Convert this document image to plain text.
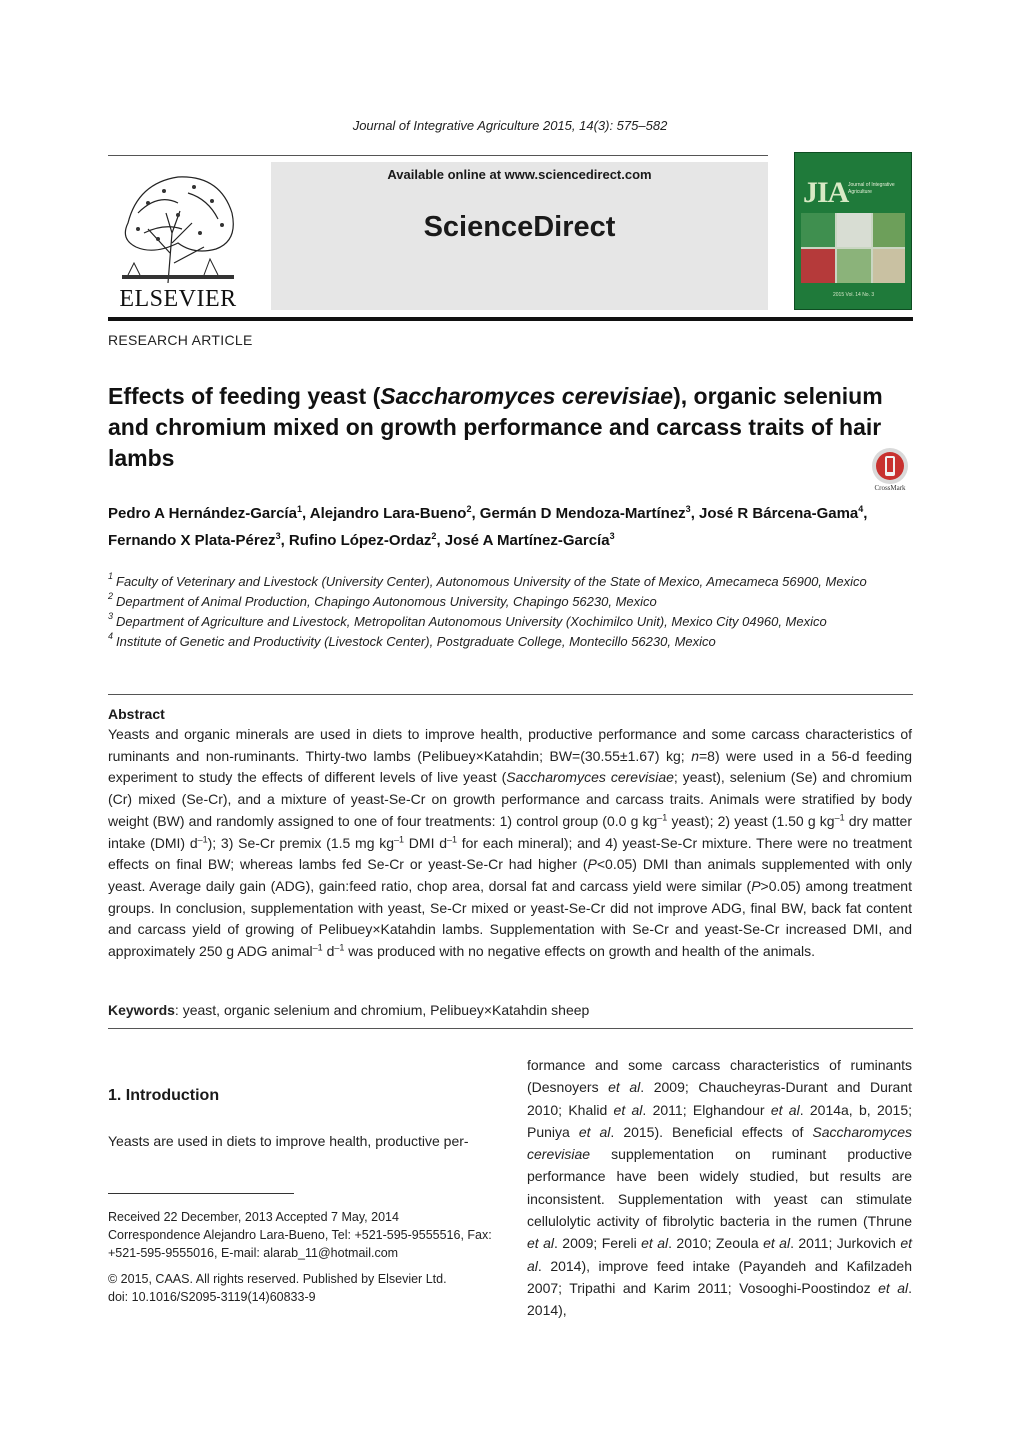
Journal of Integrative Agriculture 2015, 14(3): 575–582
ELSEVIER
Available online at www.sciencedirect.com
ScienceDirect
JIA Journal of Integrative Agriculture
2015 Vol. 14 No. 3
RESEARCH ARTICLE
Effects of feeding yeast (Saccharomyces cerevisiae), organic selenium and chromium mixed on growth performance and carcass traits of hair lambs
CrossMark
Pedro A Hernández-García$^1$, Alejandro Lara-Bueno$^2$, Germán D Mendoza-Martínez$^3$, José R Bárcena-Gama$^4$, Fernando X Plata-Pérez$^3$, Rufino López-Ordaz$^2$, José A Martínez-García$^3$
1 Faculty of Veterinary and Livestock (University Center), Autonomous University of the State of Mexico, Amecameca 56900, Mexico
2 Department of Animal Production, Chapingo Autonomous University, Chapingo 56230, Mexico
3 Department of Agriculture and Livestock, Metropolitan Autonomous University (Xochimilco Unit), Mexico City 04960, Mexico
4 Institute of Genetic and Productivity (Livestock Center), Postgraduate College, Montecillo 56230, Mexico
Abstract
Yeasts and organic minerals are used in diets to improve health, productive performance and some carcass characteristics of ruminants and non-ruminants. Thirty-two lambs (Pelibuey×Katahdin; BW=(30.55±1.67) kg; n=8) were used in a 56-d feeding experiment to study the effects of different levels of live yeast (Saccharomyces cerevisiae; yeast), selenium (Se) and chromium (Cr) mixed (Se-Cr), and a mixture of yeast-Se-Cr on growth performance and carcass traits. Animals were stratified by body weight (BW) and randomly assigned to one of four treatments: 1) control group (0.0 g $kg^{-1}$ yeast); 2) yeast (1.50 g $kg^{-1}$ dry matter intake (DMI) $d^{-1}$); 3) Se-Cr premix (1.5 mg $kg^{-1}$ DMI $d^{-1}$ for each mineral); and 4) yeast-Se-Cr mixture. There were no treatment effects on final BW; whereas lambs fed Se-Cr or yeast-Se-Cr had higher (P<0.05) DMI than animals supplemented with only yeast. Average daily gain (ADG), gain:feed ratio, chop area, dorsal fat and carcass yield were similar (P>0.05) among treatment groups. In conclusion, supplementation with yeast, Se-Cr mixed or yeast-Se-Cr did not improve ADG, final BW, back fat content and carcass yield of growing of Pelibuey×Katahdin lambs. Supplementation with Se-Cr and yeast-Se-Cr increased DMI, and approximately 250 g ADG animal$^{-1}$ $d^{-1}$ was produced with no negative effects on growth and health of the animals.
Keywords: yeast, organic selenium and chromium, Pelibuey×Katahdin sheep
1. Introduction
Yeasts are used in diets to improve health, productive per-
Received 22 December, 2013 Accepted 7 May, 2014
Correspondence Alejandro Lara-Bueno, Tel: +521-595-9555516, Fax: +521-595-9555016, E-mail: alarab_11@hotmail.com
© 2015, CAAS. All rights reserved. Published by Elsevier Ltd.
doi: 10.1016/S2095-3119(14)60833-9
formance and some carcass characteristics of ruminants (Desnoyers et al. 2009; Chaucheyras-Durant and Durant 2010; Khalid et al. 2011; Elghandour et al. 2014a, b, 2015; Puniya et al. 2015). Beneficial effects of Saccharomyces cerevisiae supplementation on ruminant productive performance have been widely studied, but results are inconsistent. Supplementation with yeast can stimulate cellulolytic activity of fibrolytic bacteria in the rumen (Thrune et al. 2009; Fereli et al. 2010; Zeoula et al. 2011; Jurkovich et al. 2014), improve feed intake (Payandeh and Kafilzadeh 2007; Tripathi and Karim 2011; Vosooghi-Poostindoz et al. 2014),
